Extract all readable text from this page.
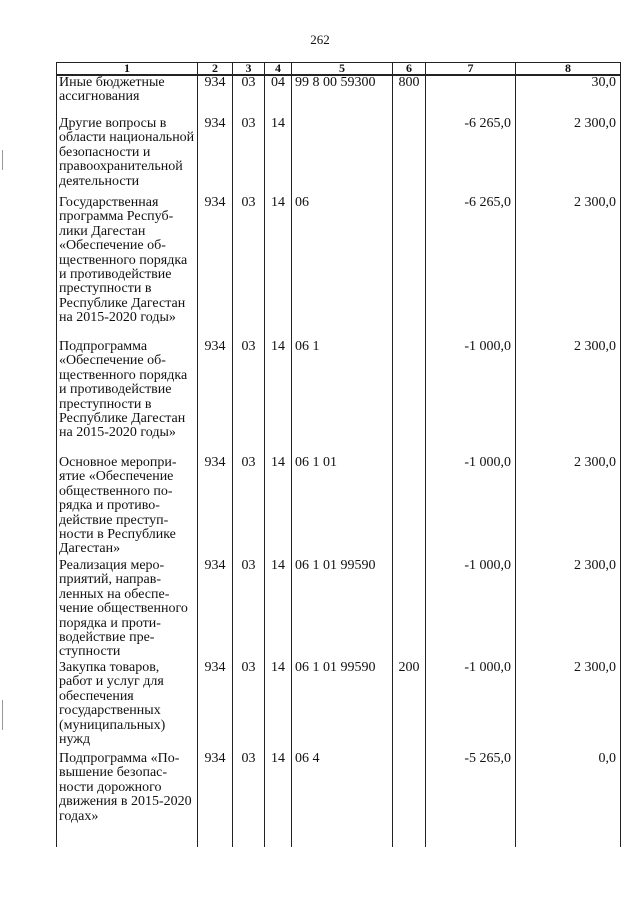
262
1	2	3	4	5	6	7	8
Иные бюджетные ассигнования	934	03	04	99 8 00 59300	800		30,0
Другие вопросы в области национальной безопасности и правоохранительной деятельности	934	03	14			-6 265,0	2 300,0
Государственная программа Республики Дагестан «Обеспечение общественного порядка и противодействие преступности в Республике Дагестан на 2015-2020 годы»	934	03	14	06		-6 265,0	2 300,0
Подпрограмма «Обеспечение общественного порядка и противодействие преступности в Республике Дагестан на 2015-2020 годы»	934	03	14	06 1		-1 000,0	2 300,0
Основное мероприятие «Обеспечение общественного порядка и противодействие преступности в Республике Дагестан»	934	03	14	06 1 01		-1 000,0	2 300,0
Реализация мероприятий, направленных на обеспечение общественного порядка и противодействие преступности	934	03	14	06 1 01 99590		-1 000,0	2 300,0
Закупка товаров, работ и услуг для обеспечения государственных (муниципальных) нужд	934	03	14	06 1 01 99590	200	-1 000,0	2 300,0
Подпрограмма «Повышение безопасности дорожного движения в 2015-2020 годах»	934	03	14	06 4		-5 265,0	0,0
